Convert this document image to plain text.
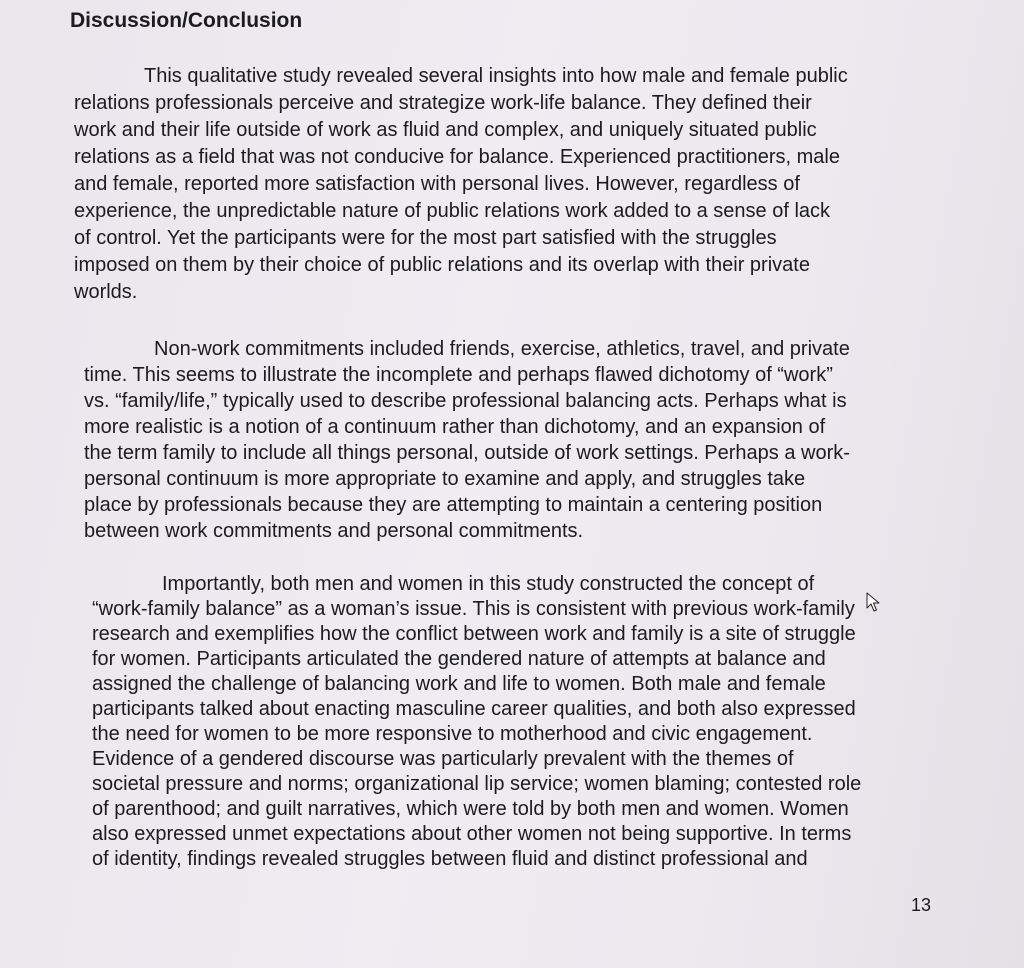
Discussion/Conclusion

This qualitative study revealed several insights into how male and female public
relations professionals perceive and strategize work-life balance. They defined their
work and their life outside of work as fluid and complex, and uniquely situated public
relations as a field that was not conducive for balance. Experienced practitioners, male
and female, reported more satisfaction with personal lives. However, regardless of
experience, the unpredictable nature of public relations work added to a sense of lack
of control. Yet the participants were for the most part satisfied with the struggles
imposed on them by their choice of public relations and its overlap with their private
worlds.

Non-work commitments included friends, exercise, athletics, travel, and private
time. This seems to illustrate the incomplete and perhaps flawed dichotomy of “work”
vs. “family/life,” typically used to describe professional balancing acts. Perhaps what is
more realistic is a notion of a continuum rather than dichotomy, and an expansion of
the term family to include all things personal, outside of work settings. Perhaps a work-
personal continuum is more appropriate to examine and apply, and struggles take
place by professionals because they are attempting to maintain a centering position
between work commitments and personal commitments.

Importantly, both men and women in this study constructed the concept of
“work-family balance” as a woman’s issue. This is consistent with previous work-family
research and exemplifies how the conflict between work and family is a site of struggle
for women. Participants articulated the gendered nature of attempts at balance and
assigned the challenge of balancing work and life to women. Both male and female
participants talked about enacting masculine career qualities, and both also expressed
the need for women to be more responsive to motherhood and civic engagement.
Evidence of a gendered discourse was particularly prevalent with the themes of
societal pressure and norms; organizational lip service; women blaming; contested role
of parenthood; and guilt narratives, which were told by both men and women. Women
also expressed unmet expectations about other women not being supportive. In terms
of identity, findings revealed struggles between fluid and distinct professional and

13
